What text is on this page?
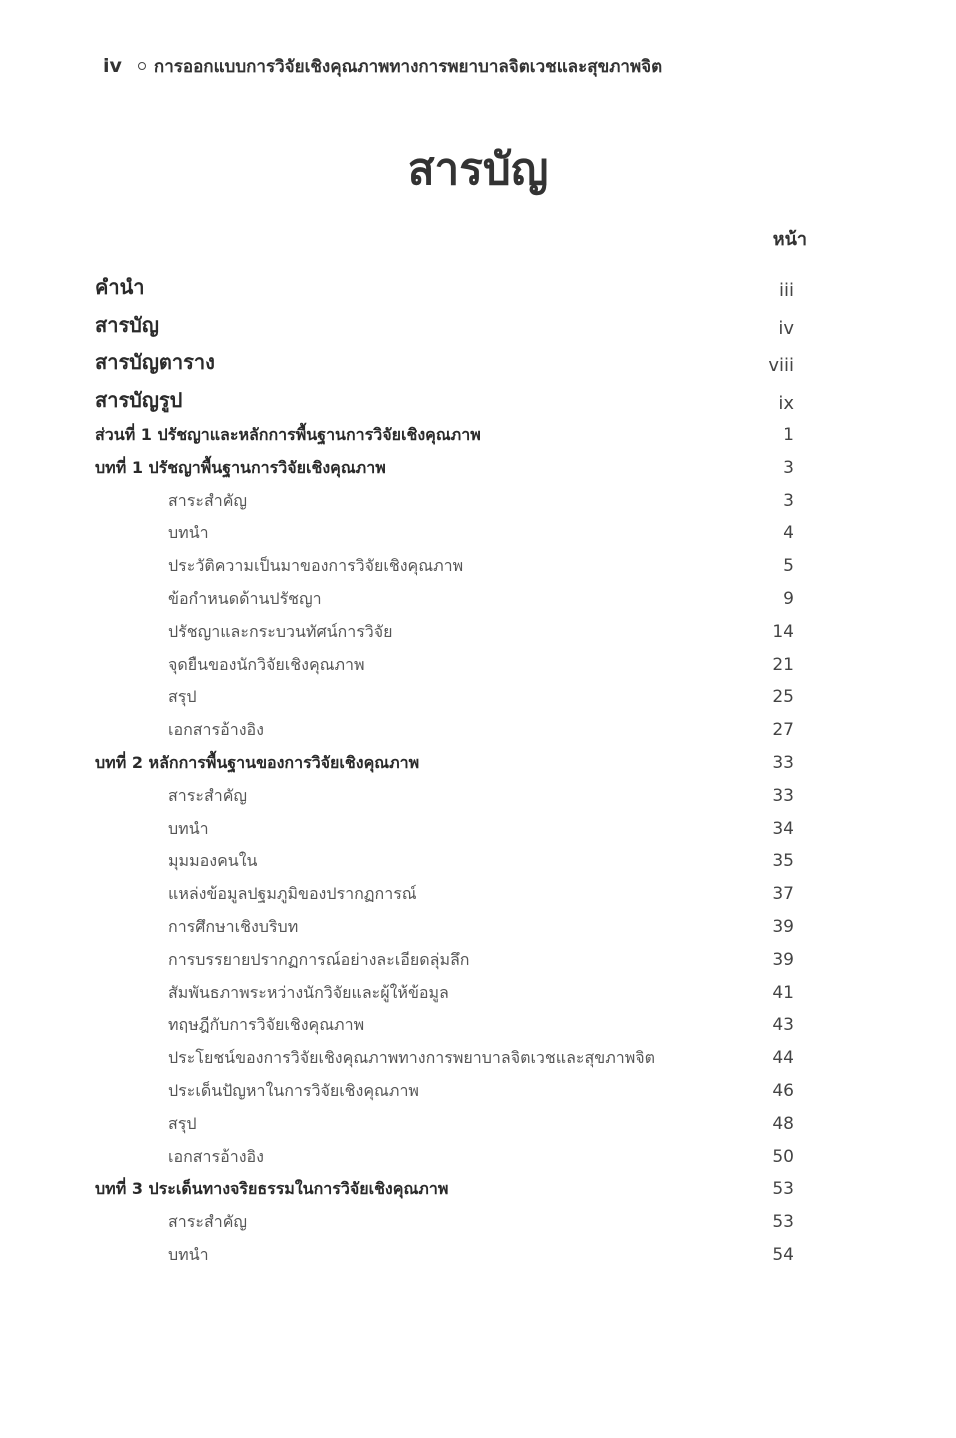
iv การออกแบบการวิจัยเชิงคุณภาพทางการพยาบาลจิตเวชและสุขภาพจิต
สารบัญ
หน้า
คำนำ	iii
สารบัญ	iv
สารบัญตาราง	viii
สารบัญรูป	ix
ส่วนที่ 1 ปรัชญาและหลักการพื้นฐานการวิจัยเชิงคุณภาพ	1
บทที่ 1 ปรัชญาพื้นฐานการวิจัยเชิงคุณภาพ	3
สาระสำคัญ	3
บทนำ	4
ประวัติความเป็นมาของการวิจัยเชิงคุณภาพ	5
ข้อกำหนดด้านปรัชญา	9
ปรัชญาและกระบวนทัศน์การวิจัย	14
จุดยืนของนักวิจัยเชิงคุณภาพ	21
สรุป	25
เอกสารอ้างอิง	27
บทที่ 2 หลักการพื้นฐานของการวิจัยเชิงคุณภาพ	33
สาระสำคัญ	33
บทนำ	34
มุมมองคนใน	35
แหล่งข้อมูลปฐมภูมิของปรากฏการณ์	37
การศึกษาเชิงบริบท	39
การบรรยายปรากฏการณ์อย่างละเอียดลุ่มลึก	39
สัมพันธภาพระหว่างนักวิจัยและผู้ให้ข้อมูล	41
ทฤษฎีกับการวิจัยเชิงคุณภาพ	43
ประโยชน์ของการวิจัยเชิงคุณภาพทางการพยาบาลจิตเวชและสุขภาพจิต	44
ประเด็นปัญหาในการวิจัยเชิงคุณภาพ	46
สรุป	48
เอกสารอ้างอิง	50
บทที่ 3 ประเด็นทางจริยธรรมในการวิจัยเชิงคุณภาพ	53
สาระสำคัญ	53
บทนำ	54
